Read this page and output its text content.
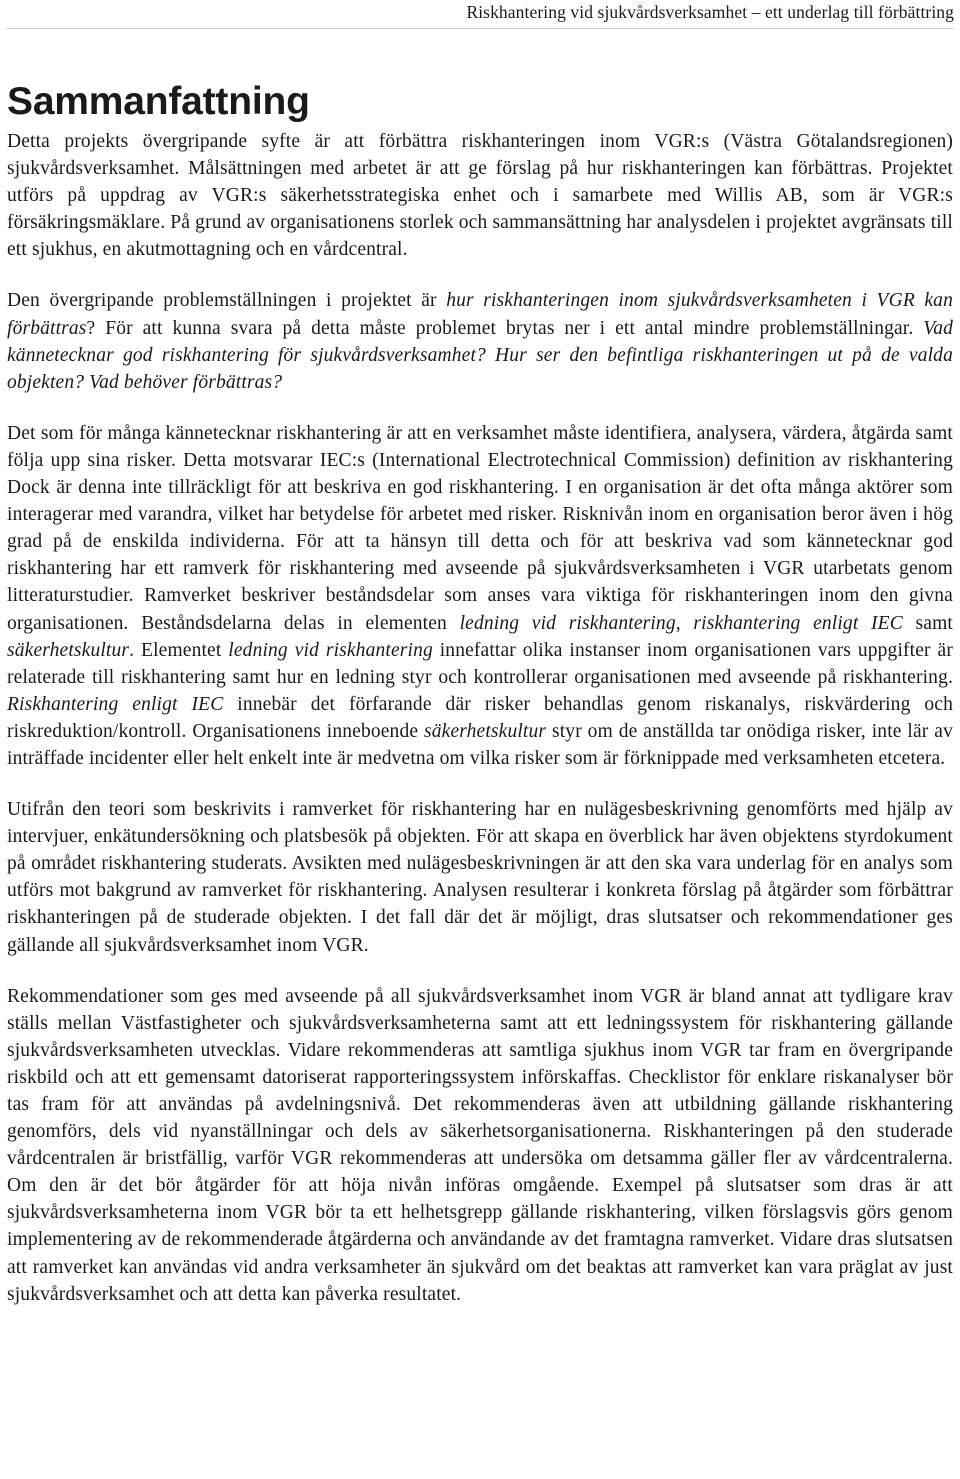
Riskhantering vid sjukvårdsverksamhet – ett underlag till förbättring
Sammanfattning

Detta projekts övergripande syfte är att förbättra riskhanteringen inom VGR:s (Västra Götalandsregionen) sjukvårdsverksamhet. Målsättningen med arbetet är att ge förslag på hur riskhanteringen kan förbättras. Projektet utförs på uppdrag av VGR:s säkerhetsstrategiska enhet och i samarbete med Willis AB, som är VGR:s försäkringsmäklare. På grund av organisationens storlek och sammansättning har analysdelen i projektet avgränsats till ett sjukhus, en akutmottagning och en vårdcentral.

Den övergripande problemställningen i projektet är hur riskhanteringen inom sjukvårdsverksamheten i VGR kan förbättras? För att kunna svara på detta måste problemet brytas ner i ett antal mindre problemställningar. Vad kännetecknar god riskhantering för sjukvårdsverksamhet? Hur ser den befintliga riskhanteringen ut på de valda objekten? Vad behöver förbättras?

Det som för många kännetecknar riskhantering är att en verksamhet måste identifiera, analysera, värdera, åtgärda samt följa upp sina risker. Detta motsvarar IEC:s (International Electrotechnical Commission) definition av riskhantering Dock är denna inte tillräckligt för att beskriva en god riskhantering. I en organisation är det ofta många aktörer som interagerar med varandra, vilket har betydelse för arbetet med risker. Risknivån inom en organisation beror även i hög grad på de enskilda individerna. För att ta hänsyn till detta och för att beskriva vad som kännetecknar god riskhantering har ett ramverk för riskhantering med avseende på sjukvårdsverksamheten i VGR utarbetats genom litteraturstudier. Ramverket beskriver beståndsdelar som anses vara viktiga för riskhanteringen inom den givna organisationen. Beståndsdelarna delas in elementen ledning vid riskhantering, riskhantering enligt IEC samt säkerhetskultur. Elementet ledning vid riskhantering innefattar olika instanser inom organisationen vars uppgifter är relaterade till riskhantering samt hur en ledning styr och kontrollerar organisationen med avseende på riskhantering. Riskhantering enligt IEC innebär det förfarande där risker behandlas genom riskanalys, riskvärdering och riskreduktion/kontroll. Organisationens inneboende säkerhetskultur styr om de anställda tar onödiga risker, inte lär av inträffade incidenter eller helt enkelt inte är medvetna om vilka risker som är förknippade med verksamheten etcetera.

Utifrån den teori som beskrivits i ramverket för riskhantering har en nulägesbeskrivning genomförts med hjälp av intervjuer, enkätundersökning och platsbesök på objekten. För att skapa en överblick har även objektens styrdokument på området riskhantering studerats. Avsikten med nulägesbeskrivningen är att den ska vara underlag för en analys som utförs mot bakgrund av ramverket för riskhantering. Analysen resulterar i konkreta förslag på åtgärder som förbättrar riskhanteringen på de studerade objekten. I det fall där det är möjligt, dras slutsatser och rekommendationer ges gällande all sjukvårdsverksamhet inom VGR.

Rekommendationer som ges med avseende på all sjukvårdsverksamhet inom VGR är bland annat att tydligare krav ställs mellan Västfastigheter och sjukvårdsverksamheterna samt att ett ledningssystem för riskhantering gällande sjukvårdsverksamheten utvecklas. Vidare rekommenderas att samtliga sjukhus inom VGR tar fram en övergripande riskbild och att ett gemensamt datoriserat rapporteringssystem införskaffas. Checklistor för enklare riskanalyser bör tas fram för att användas på avdelningsnivå. Det rekommenderas även att utbildning gällande riskhantering genomförs, dels vid nyanställningar och dels av säkerhetsorganisationerna. Riskhanteringen på den studerade vårdcentralen är bristfällig, varför VGR rekommenderas att undersöka om detsamma gäller fler av vårdcentralerna. Om den är det bör åtgärder för att höja nivån införas omgående. Exempel på slutsatser som dras är att sjukvårdsverksamheterna inom VGR bör ta ett helhetsgrepp gällande riskhantering, vilken förslagsvis görs genom implementering av de rekommenderade åtgärderna och användande av det framtagna ramverket. Vidare dras slutsatsen att ramverket kan användas vid andra verksamheter än sjukvård om det beaktas att ramverket kan vara präglat av just sjukvårdsverksamhet och att detta kan påverka resultatet.
